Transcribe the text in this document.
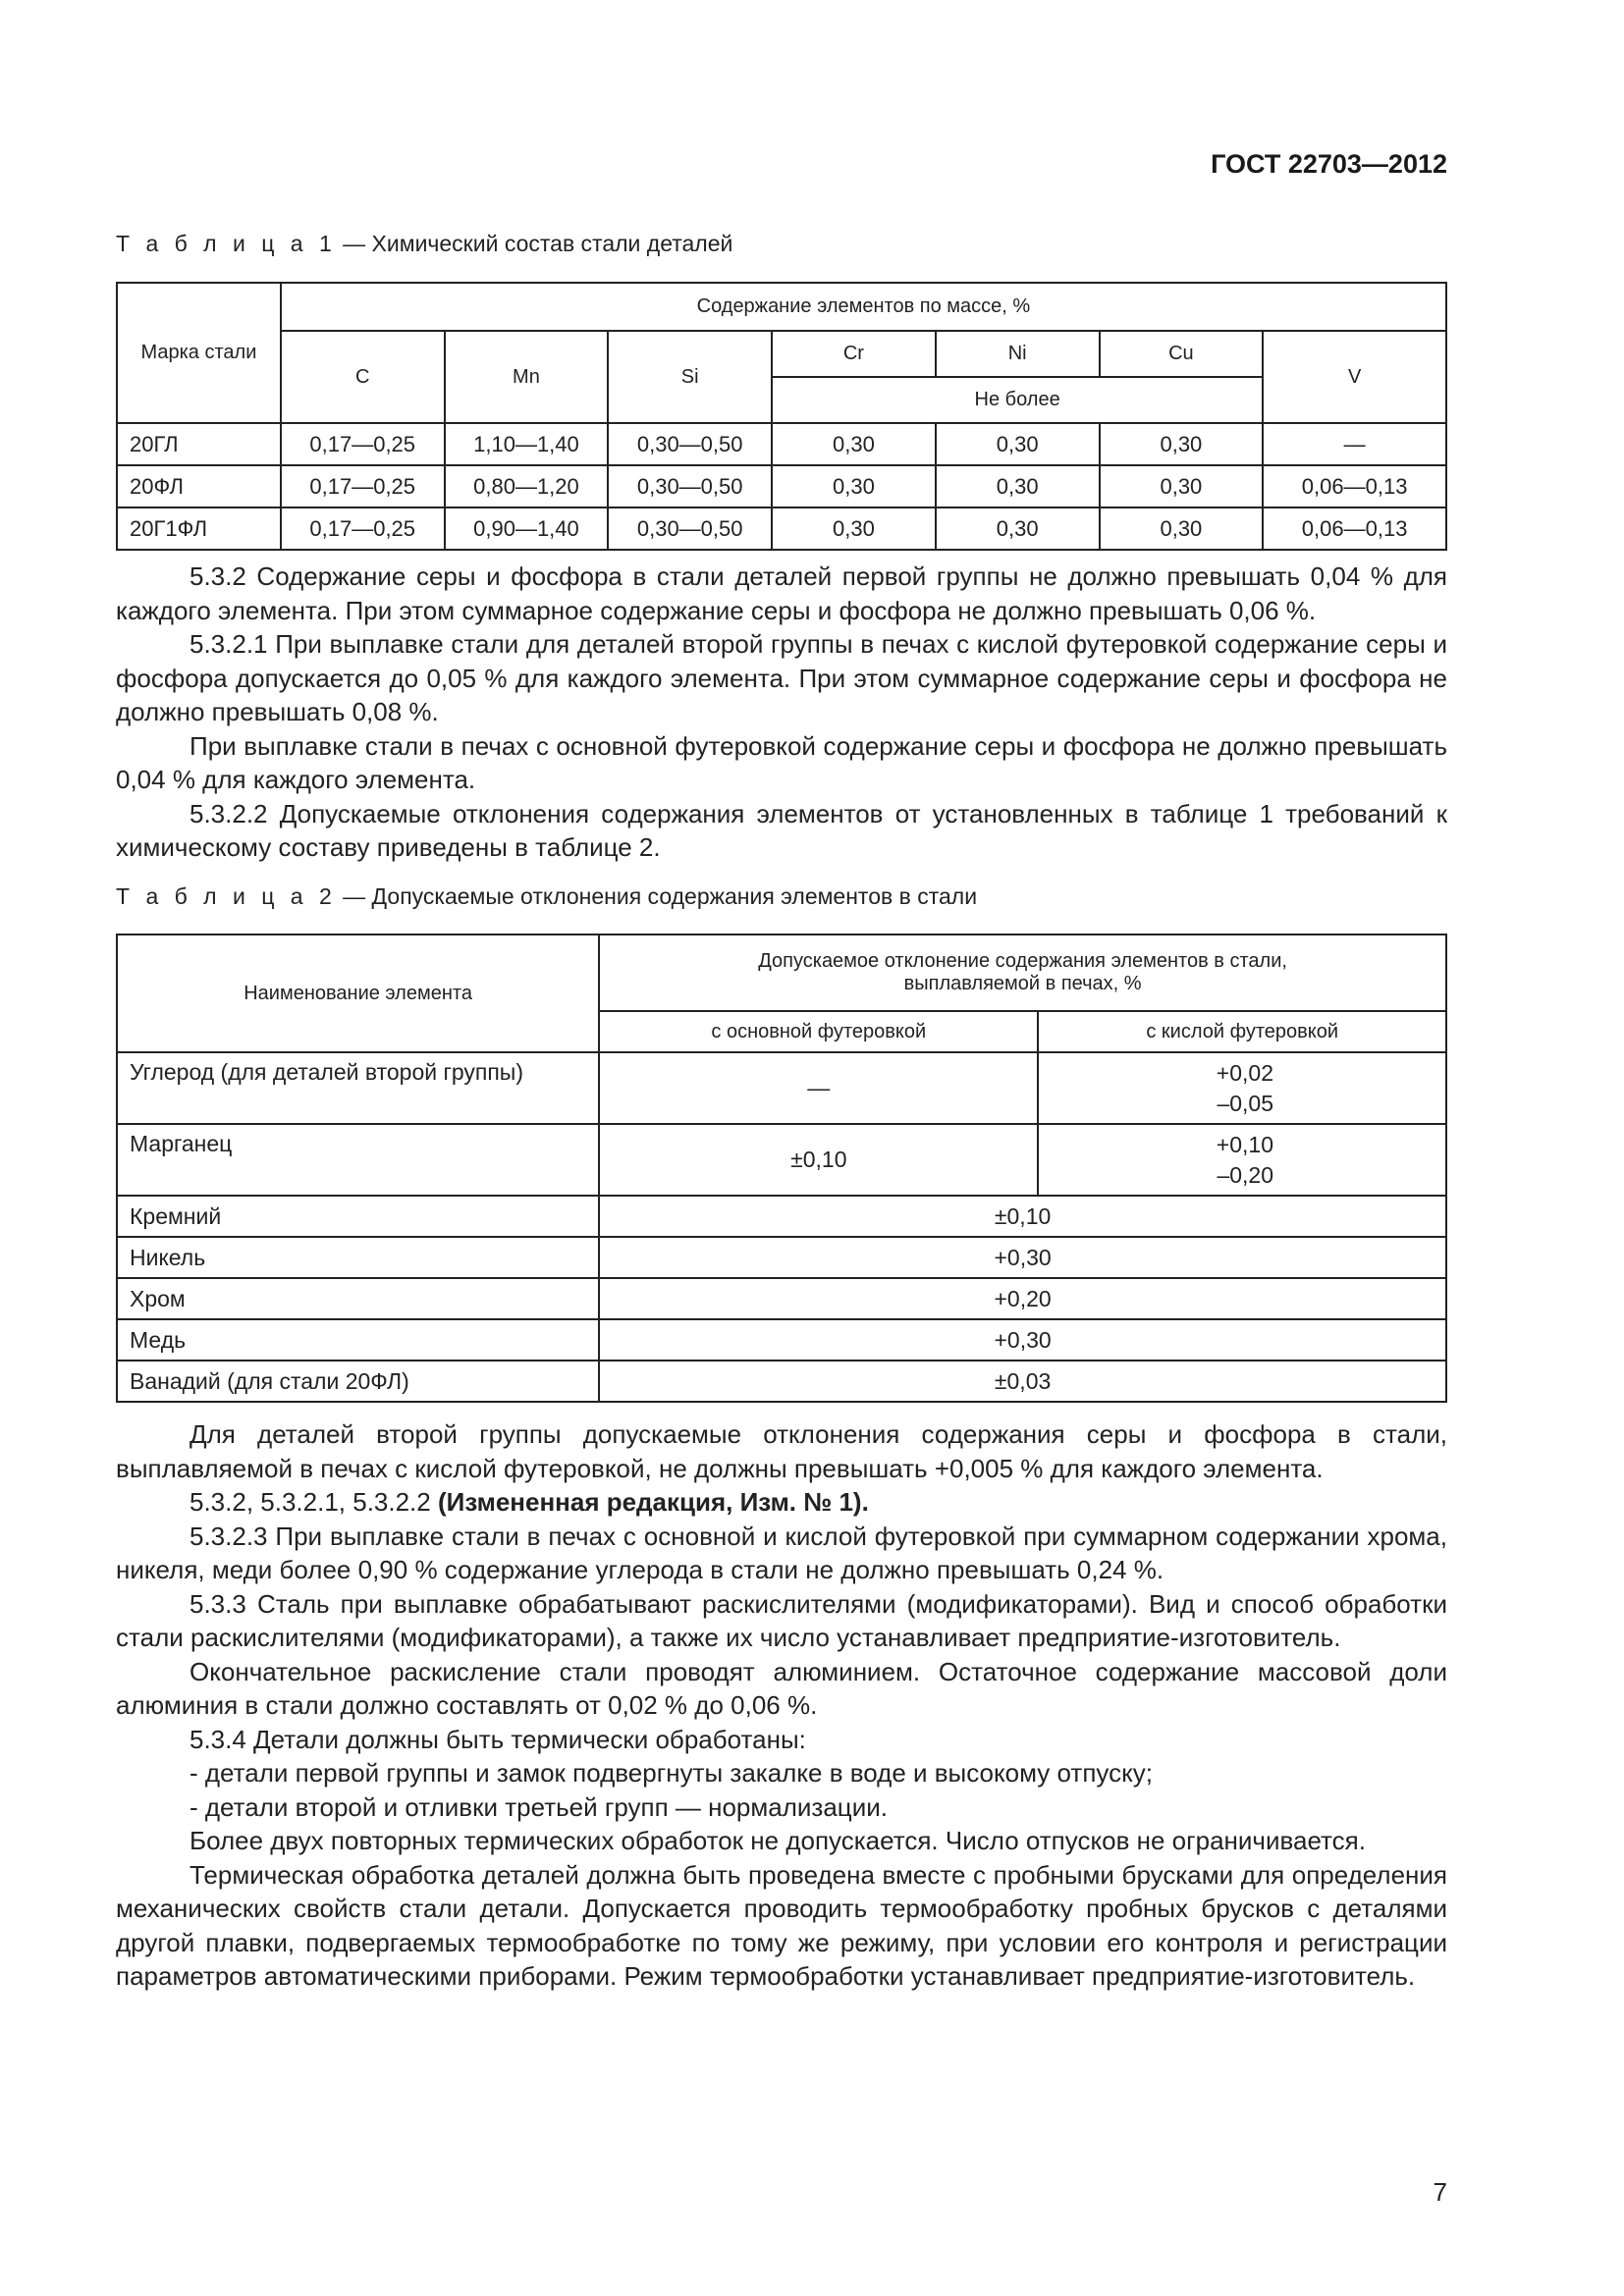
ГОСТ 22703—2012
Т а б л и ц а 1 — Химический состав стали деталей
Марка стали	Содержание элементов по массе, %						
	C	Mn	Si	Cr	Ni	Cu	V
				Не более			
20ГЛ	0,17—0,25	1,10—1,40	0,30—0,50	0,30	0,30	0,30	—
20ФЛ	0,17—0,25	0,80—1,20	0,30—0,50	0,30	0,30	0,30	0,06—0,13
20Г1ФЛ	0,17—0,25	0,90—1,40	0,30—0,50	0,30	0,30	0,30	0,06—0,13

5.3.2 Содержание серы и фосфора в стали деталей первой группы не должно превышать 0,04 % для каждого элемента. При этом суммарное содержание серы и фосфора не должно превышать 0,06 %.

5.3.2.1 При выплавке стали для деталей второй группы в печах с кислой футеровкой содержание серы и фосфора допускается до 0,05 % для каждого элемента. При этом суммарное содержание серы и фосфора не должно превышать 0,08 %.

При выплавке стали в печах с основной футеровкой содержание серы и фосфора не должно превышать 0,04 % для каждого элемента.

5.3.2.2 Допускаемые отклонения содержания элементов от установленных в таблице 1 требований к химическому составу приведены в таблице 2.

Т а б л и ц а 2 — Допускаемые отклонения содержания элементов в стали
Наименование элемента	Допускаемое отклонение содержания элементов в стали,
выплавляемой в печах, %	

	с основной футеровкой	с кислой футеровкой
Углерод (для деталей второй группы)	—	+0,02
–0,05

Марганец	±0,10	+0,10
–0,20

Кремний	±0,10	
Никель	+0,30	
Хром	+0,20	
Медь	+0,30	
Ванадий (для стали 20ФЛ)	±0,03	

Для деталей второй группы допускаемые отклонения содержания серы и фосфора в стали, выплавляемой в печах с кислой футеровкой, не должны превышать +0,005 % для каждого элемента.

5.3.2, 5.3.2.1, 5.3.2.2 (Измененная редакция, Изм. № 1).

5.3.2.3 При выплавке стали в печах с основной и кислой футеровкой при суммарном содержании хрома, никеля, меди более 0,90 % содержание углерода в стали не должно превышать 0,24 %.

5.3.3 Сталь при выплавке обрабатывают раскислителями (модификаторами). Вид и способ обработки стали раскислителями (модификаторами), а также их число устанавливает предприятие-изготовитель.

Окончательное раскисление стали проводят алюминием. Остаточное содержание массовой доли алюминия в стали должно составлять от 0,02 % до 0,06 %.

5.3.4 Детали должны быть термически обработаны:

- детали первой группы и замок подвергнуты закалке в воде и высокому отпуску;

- детали второй и отливки третьей групп — нормализации.

Более двух повторных термических обработок не допускается. Число отпусков не ограничивается.

Термическая обработка деталей должна быть проведена вместе с пробными брусками для определения механических свойств стали детали. Допускается проводить термообработку пробных брусков с деталями другой плавки, подвергаемых термообработке по тому же режиму, при условии его контроля и регистрации параметров автоматическими приборами. Режим термообработки устанавливает предприятие-изготовитель.

7
